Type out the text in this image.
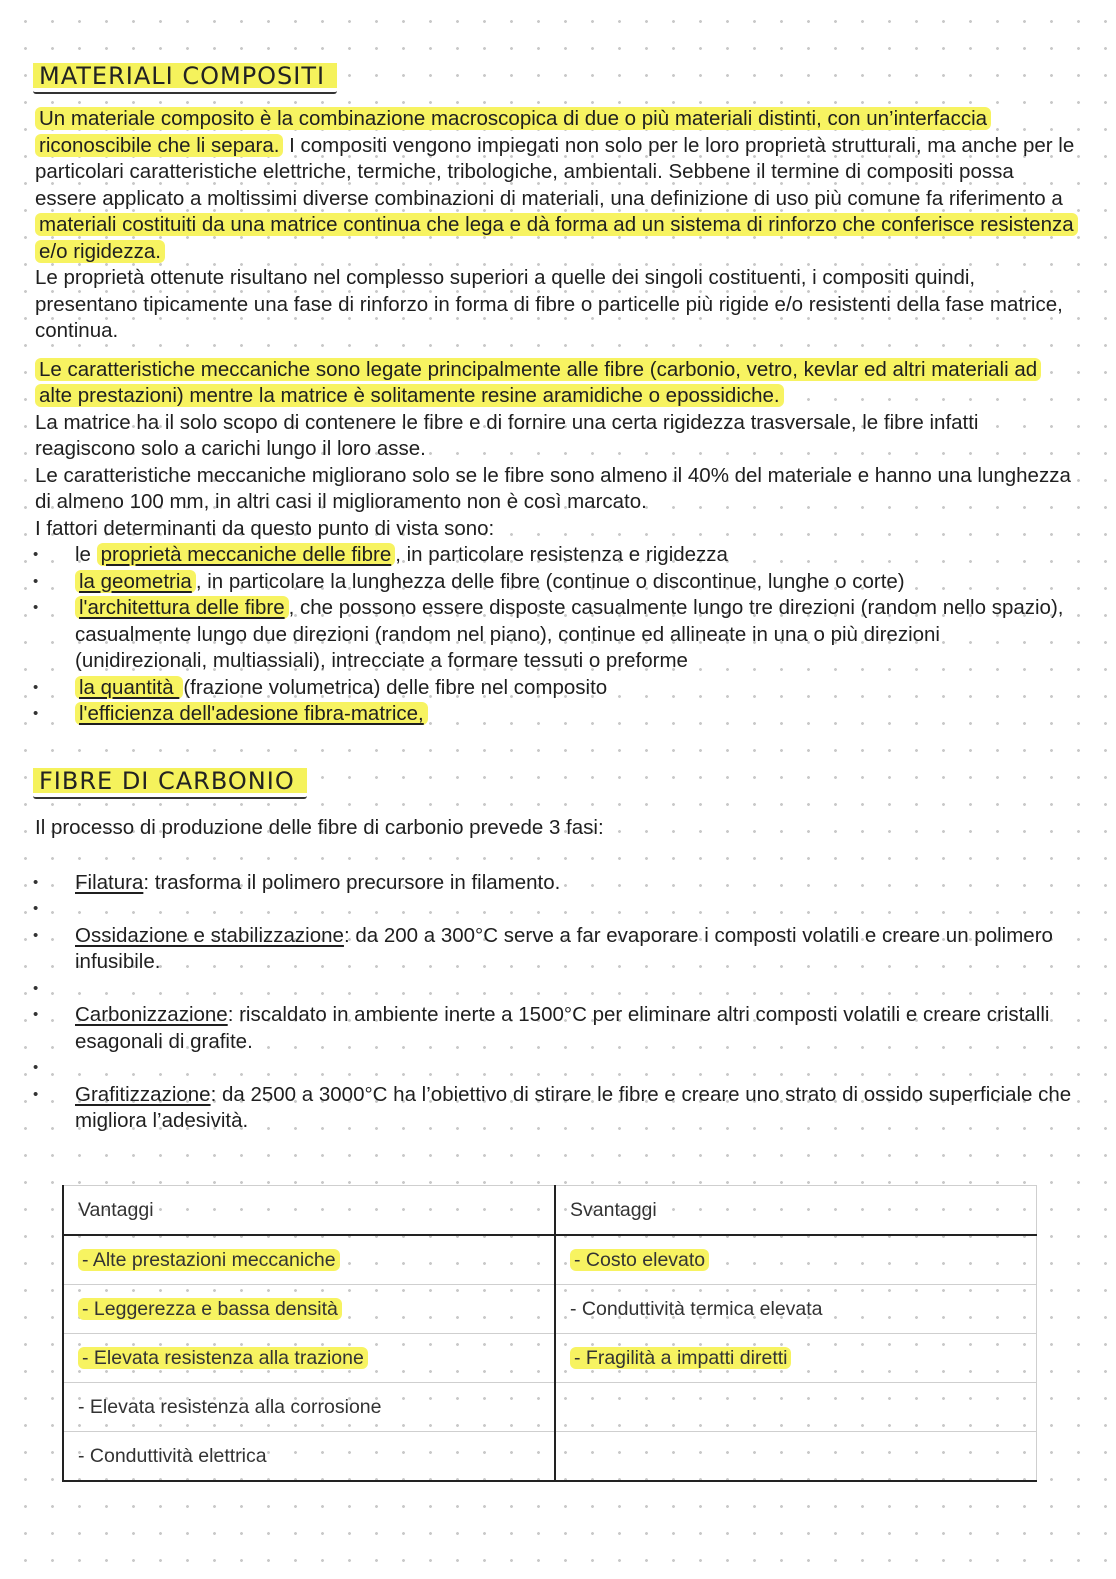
MATERIALI COMPOSITI
Un materiale composito è la combinazione macroscopica di due o più materiali distinti, con un’interfaccia riconoscibile che li separa. I compositi vengono impiegati non solo per le loro proprietà strutturali, ma anche per le particolari caratteristiche elettriche, termiche, tribologiche, ambientali. Sebbene il termine di compositi possa essere applicato a moltissimi diverse combinazioni di materiali, una definizione di uso più comune fa riferimento a materiali costituiti da una matrice continua che lega e dà forma ad un sistema di rinforzo che conferisce resistenza e/o rigidezza.
Le proprietà ottenute risultano nel complesso superiori a quelle dei singoli costituenti, i compositi quindi, presentano tipicamente una fase di rinforzo in forma di fibre o particelle più rigide e/o resistenti della fase matrice, continua.
Le caratteristiche meccaniche sono legate principalmente alle fibre (carbonio, vetro, kevlar ed altri materiali ad alte prestazioni) mentre la matrice è solitamente resine aramidiche o epossidiche.
La matrice ha il solo scopo di contenere le fibre e di fornire una certa rigidezza trasversale, le fibre infatti reagiscono solo a carichi lungo il loro asse.
Le caratteristiche meccaniche migliorano solo se le fibre sono almeno il 40% del materiale e hanno una lunghezza di almeno 100 mm, in altri casi il miglioramento non è così marcato.
I fattori determinanti da questo punto di vista sono:
• le proprietà meccaniche delle fibre , in particolare resistenza e rigidezza
• la geometria , in particolare la lunghezza delle fibre (continue o discontinue, lunghe o corte)
• l'architettura delle fibre , che possono essere disposte casualmente lungo tre direzioni (random nello spazio), casualmente lungo due direzioni (random nel piano), continue ed allineate in una o più direzioni (unidirezionali, multiassiali), intrecciate a formare tessuti o preforme
• la quantità (frazione volumetrica) delle fibre nel composito
• l'efficienza dell'adesione fibra-matrice,
FIBRE DI CARBONIO
Il processo di produzione delle fibre di carbonio prevede 3 fasi:
• Filatura: trasforma il polimero precursore in filamento.
•
• Ossidazione e stabilizzazione: da 200 a 300°C serve a far evaporare i composti volatili e creare un polimero infusibile.
•
• Carbonizzazione: riscaldato in ambiente inerte a 1500°C per eliminare altri composti volatili e creare cristalli esagonali di grafite.
•
• Grafitizzazione: da 2500 a 3000°C ha l’obiettivo di stirare le fibre e creare uno strato di ossido superficiale che migliora l’adesività.
Vantaggi	Svantaggi
- Alte prestazioni meccaniche	- Costo elevato
- Leggerezza e bassa densità	- Conduttività termica elevata
- Elevata resistenza alla trazione	- Fragilità a impatti diretti
- Elevata resistenza alla corrosione	
- Conduttività elettrica	
